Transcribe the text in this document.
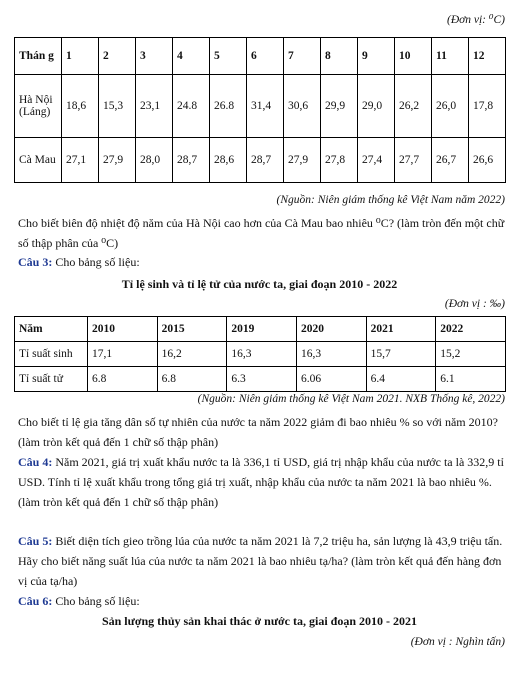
(Đơn vị: ⁰C)
Thán g	1	2	3	4	5	6	7	8	9	10	11	12
Hà Nội (Láng)	18,6	15,3	23,1	24.8	26.8	31,4	30,6	29,9	29,0	26,2	26,0	17,8
Cà Mau	27,1	27,9	28,0	28,7	28,6	28,7	27,9	27,8	27,4	27,7	26,7	26,6
(Nguồn: Niên giám thống kê Việt Nam năm 2022)
Cho biết biên độ nhiệt độ năm của Hà Nội cao hơn của Cà Mau bao nhiêu ⁰C? (làm tròn đến một chữ số thập phân của ⁰C)
Câu 3: Cho bảng số liệu:
Tỉ lệ sinh và tỉ lệ tử của nước ta, giai đoạn 2010 - 2022
(Đơn vị : ‰)
Năm	2010	2015	2019	2020	2021	2022
Tỉ suất sinh	17,1	16,2	16,3	16,3	15,7	15,2
Tỉ suất tử	6.8	6.8	6.3	6.06	6.4	6.1
(Nguồn: Niên giám thống kê Việt Nam 2021. NXB Thống kê, 2022)
Cho biết tỉ lệ gia tăng dân số tự nhiên của nước ta năm 2022 giảm đi bao nhiêu % so với năm 2010? (làm tròn kết quả đến 1 chữ số thập phân)
Câu 4: Năm 2021, giá trị xuất khẩu nước ta là 336,1 tỉ USD, giá trị nhập khẩu của nước ta là 332,9 tỉ USD. Tính tỉ lệ xuất khẩu trong tổng giá trị xuất, nhập khẩu của nước ta năm 2021 là bao nhiêu %. (làm tròn kết quả đến 1 chữ số thập phân)
Câu 5: Biết diện tích gieo trồng lúa của nước ta năm 2021 là 7,2 triệu ha, sản lượng là 43,9 triệu tấn. Hãy cho biết năng suất lúa của nước ta năm 2021 là bao nhiêu tạ/ha? (làm tròn kết quả đến hàng đơn vị của tạ/ha)
Câu 6: Cho bảng số liệu:
Sản lượng thủy sản khai thác ở nước ta, giai đoạn 2010 - 2021
(Đơn vị : Nghìn tấn)
